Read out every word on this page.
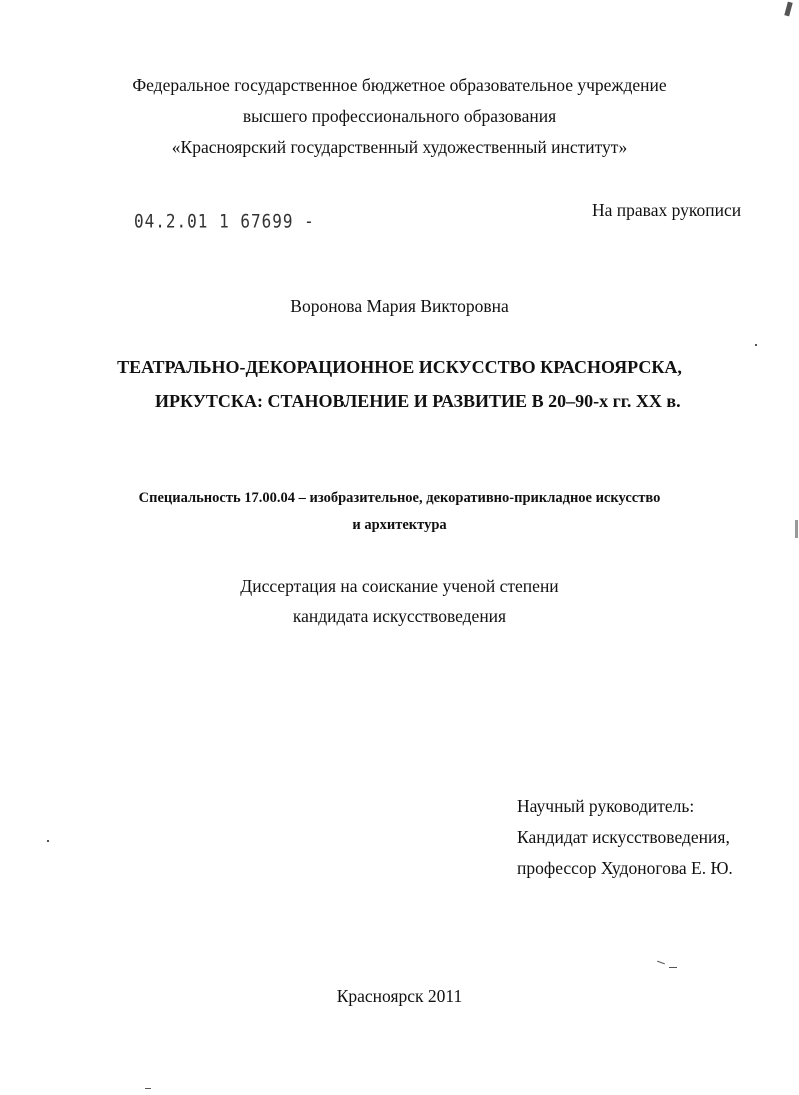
Федеральное государственное бюджетное образовательное учреждение
высшего профессионального образования
«Красноярский государственный художественный институт»
04.2.01 1 67699 -	На правах рукописи
Воронова Мария Викторовна
ТЕАТРАЛЬНО-ДЕКОРАЦИОННОЕ ИСКУССТВО КРАСНОЯРСКА,
ИРКУТСКА: СТАНОВЛЕНИЕ И РАЗВИТИЕ В 20–90-х гг. ХХ в.
Специальность 17.00.04 – изобразительное, декоративно-прикладное искусство
и архитектура
Диссертация на соискание ученой степени
кандидата искусствоведения
Научный руководитель:
Кандидат искусствоведения,
профессор Худоногова Е. Ю.
Красноярск 2011
